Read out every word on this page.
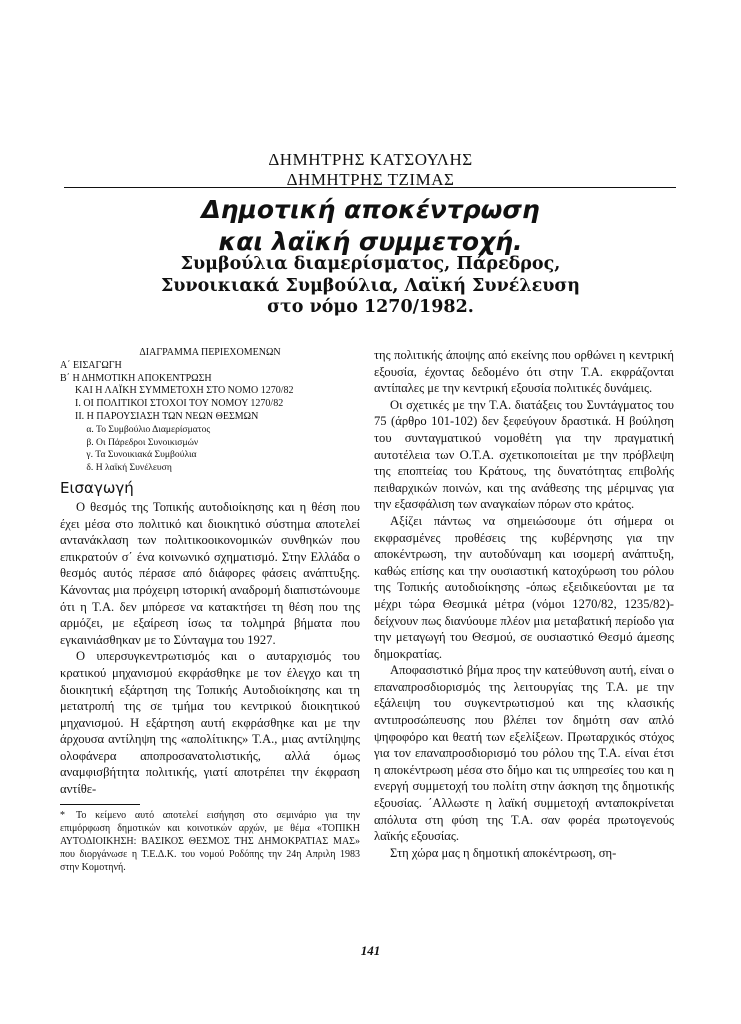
ΔΗΜΗΤΡΗΣ ΚΑΤΣΟΥΛΗΣ
ΔΗΜΗΤΡΗΣ ΤΖΙΜΑΣ
Δημοτική αποκέντρωση
και λαϊκή συμμετοχή.
Συμβούλια διαμερίσματος, Πάρεδρος,
Συνοικιακά Συμβούλια, Λαϊκή Συνέλευση
στο νόμο 1270/1982.
ΔΙΑΓΡΑΜΜΑ ΠΕΡΙΕΧΟΜΕΝΩΝ
Α΄ ΕΙΣΑΓΩΓΗ
Β΄ Η ΔΗΜΟΤΙΚΗ ΑΠΟΚΕΝΤΡΩΣΗ
ΚΑΙ Η ΛΑΪΚΗ ΣΥΜΜΕΤΟΧΗ ΣΤΟ ΝΟΜΟ 1270/82
Ι. ΟΙ ΠΟΛΙΤΙΚΟΙ ΣΤΟΧΟΙ ΤΟΥ ΝΟΜΟΥ 1270/82
ΙΙ. Η ΠΑΡΟΥΣΙΑΣΗ ΤΩΝ ΝΕΩΝ ΘΕΣΜΩΝ
α. Το Συμβούλιο Διαμερίσματος
β. Οι Πάρεδροι Συνοικισμών
γ. Τα Συνοικιακά Συμβούλια
δ. Η λαϊκή Συνέλευση
Εισαγωγή

Ο θεσμός της Τοπικής αυτοδιοίκησης και η θέση που έχει μέσα στο πολιτικό και διοικητικό σύστημα αποτελεί αντανάκλαση των πολιτικοοικονομικών συνθηκών που επικρατούν σ΄ ένα κοινωνικό σχηματισμό. Στην Ελλάδα ο θεσμός αυτός πέρασε από διάφορες φάσεις ανάπτυξης. Κάνοντας μια πρόχειρη ιστορική αναδρομή διαπιστώνουμε ότι η Τ.Α. δεν μπόρεσε να κατακτήσει τη θέση που της αρμόζει, με εξαίρεση ίσως τα τολμηρά βήματα που εγκαινιάσθηκαν με το Σύνταγμα του 1927.

Ο υπερσυγκεντρωτισμός και ο αυταρχισμός του κρατικού μηχανισμού εκφράσθηκε με τον έλεγχο και τη διοικητική εξάρτηση της Τοπικής Αυτοδιοίκησης και τη μετατροπή της σε τμήμα του κεντρικού διοικητικού μηχανισμού. Η εξάρτηση αυτή εκφράσθηκε και με την άρχουσα αντίληψη της «απολίτικης» Τ.Α., μιας αντίληψης ολοφάνερα αποπροσανατολιστικής, αλλά όμως αναμφισβήτητα πολιτικής, γιατί αποτρέπει την έκφραση αντίθε-

* Το κείμενο αυτό αποτελεί εισήγηση στο σεμινάριο για την επιμόρφωση δημοτικών και κοινοτικών αρχών, με θέμα «ΤΟΠΙΚΗ ΑΥΤΟΔΙΟΙΚΗΣΗ: ΒΑΣΙΚΟΣ ΘΕΣΜΟΣ ΤΗΣ ΔΗΜΟΚΡΑΤΙΑΣ ΜΑΣ» που διοργάνωσε η Τ.Ε.Δ.Κ. του νομού Ροδόπης την 24η Απριλη 1983 στην Κομοτηνή.

της πολιτικής άποψης από εκείνης που ορθώνει η κεντρική εξουσία, έχοντας δεδομένο ότι στην Τ.Α. εκφράζονται αντίπαλες με την κεντρική εξουσία πολιτικές δυνάμεις.

Οι σχετικές με την Τ.Α. διατάξεις του Συντάγματος του 75 (άρθρο 101-102) δεν ξεφεύγουν δραστικά. Η βούληση του συνταγματικού νομοθέτη για την πραγματική αυτοτέλεια των Ο.Τ.Α. σχετικοποιείται με την πρόβλεψη της εποπτείας του Κράτους, της δυνατότητας επιβολής πειθαρχικών ποινών, και της ανάθεσης της μέριμνας για την εξασφάλιση των αναγκαίων πόρων στο κράτος.

Αξίζει πάντως να σημειώσουμε ότι σήμερα οι εκφρασμένες προθέσεις της κυβέρνησης για την αποκέντρωση, την αυτοδύναμη και ισομερή ανάπτυξη, καθώς επίσης και την ουσιαστική κατοχύρωση του ρόλου της Τοπικής αυτοδιοίκησης -όπως εξειδικεύονται με τα μέχρι τώρα Θεσμικά μέτρα (νόμοι 1270/82, 1235/82)- δείχνουν πως διανύουμε πλέον μια μεταβατική περίοδο για την μεταγωγή του Θεσμού, σε ουσιαστικό Θεσμό άμεσης δημοκρατίας.

Αποφασιστικό βήμα προς την κατεύθυνση αυτή, είναι ο επαναπροσδιορισμός της λειτουργίας της Τ.Α. με την εξάλειψη του συγκεντρωτισμού και της κλασικής αντιπροσώπευσης που βλέπει τον δημότη σαν απλό ψηφοφόρο και θεατή των εξελίξεων. Πρωταρχικός στόχος για τον επαναπροσδιορισμό του ρόλου της Τ.Α. είναι έτσι η αποκέντρωση μέσα στο δήμο και τις υπηρεσίες του και η ενεργή συμμετοχή του πολίτη στην άσκηση της δημοτικής εξουσίας. ΄Αλλωστε η λαϊκή συμμετοχή ανταποκρίνεται απόλυτα στη φύση της Τ.Α. σαν φορέα πρωτογενούς λαϊκής εξουσίας.

Στη χώρα μας η δημοτική αποκέντρωση, ση-

141
